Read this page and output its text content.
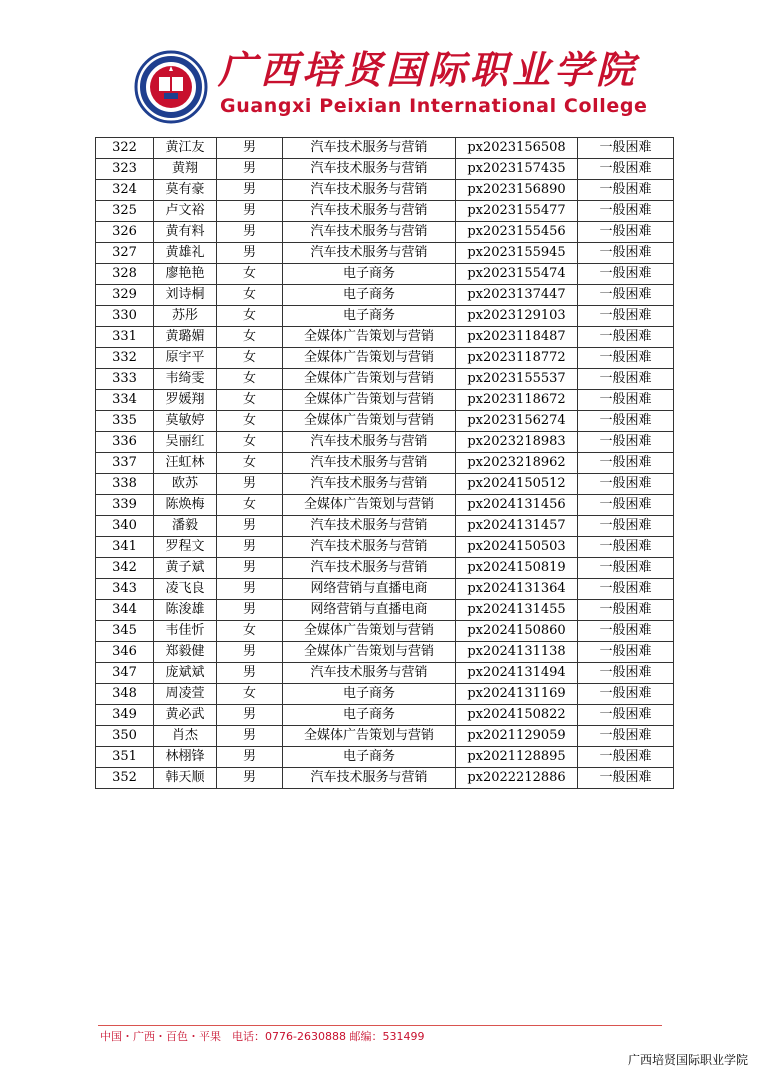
广西培贤国际职业学院
Guangxi Peixian International College
322	黄江友	男	汽车技术服务与营销	px2023156508	一般困难
323	黄翔	男	汽车技术服务与营销	px2023157435	一般困难
324	莫有豪	男	汽车技术服务与营销	px2023156890	一般困难
325	卢文裕	男	汽车技术服务与营销	px2023155477	一般困难
326	黄有料	男	汽车技术服务与营销	px2023155456	一般困难
327	黄雄礼	男	汽车技术服务与营销	px2023155945	一般困难
328	廖艳艳	女	电子商务	px2023155474	一般困难
329	刘诗桐	女	电子商务	px2023137447	一般困难
330	苏彤	女	电子商务	px2023129103	一般困难
331	黄璐媚	女	全媒体广告策划与营销	px2023118487	一般困难
332	原宇平	女	全媒体广告策划与营销	px2023118772	一般困难
333	韦绮雯	女	全媒体广告策划与营销	px2023155537	一般困难
334	罗媛翔	女	全媒体广告策划与营销	px2023118672	一般困难
335	莫敏婷	女	全媒体广告策划与营销	px2023156274	一般困难
336	吴丽红	女	汽车技术服务与营销	px2023218983	一般困难
337	汪虹林	女	汽车技术服务与营销	px2023218962	一般困难
338	欧苏	男	汽车技术服务与营销	px2024150512	一般困难
339	陈焕梅	女	全媒体广告策划与营销	px2024131456	一般困难
340	潘毅	男	汽车技术服务与营销	px2024131457	一般困难
341	罗程文	男	汽车技术服务与营销	px2024150503	一般困难
342	黄子斌	男	汽车技术服务与营销	px2024150819	一般困难
343	凌飞良	男	网络营销与直播电商	px2024131364	一般困难
344	陈浚雄	男	网络营销与直播电商	px2024131455	一般困难
345	韦佳忻	女	全媒体广告策划与营销	px2024150860	一般困难
346	郑毅健	男	全媒体广告策划与营销	px2024131138	一般困难
347	庞斌斌	男	汽车技术服务与营销	px2024131494	一般困难
348	周凌萱	女	电子商务	px2024131169	一般困难
349	黄必武	男	电子商务	px2024150822	一般困难
350	肖杰	男	全媒体广告策划与营销	px2021129059	一般困难
351	林栩锋	男	电子商务	px2021128895	一般困难
352	韩天顺	男	汽车技术服务与营销	px2022212886	一般困难
中国・广西・百色・平果　电话：0776-2630888 邮编：531499
广西培贤国际职业学院
